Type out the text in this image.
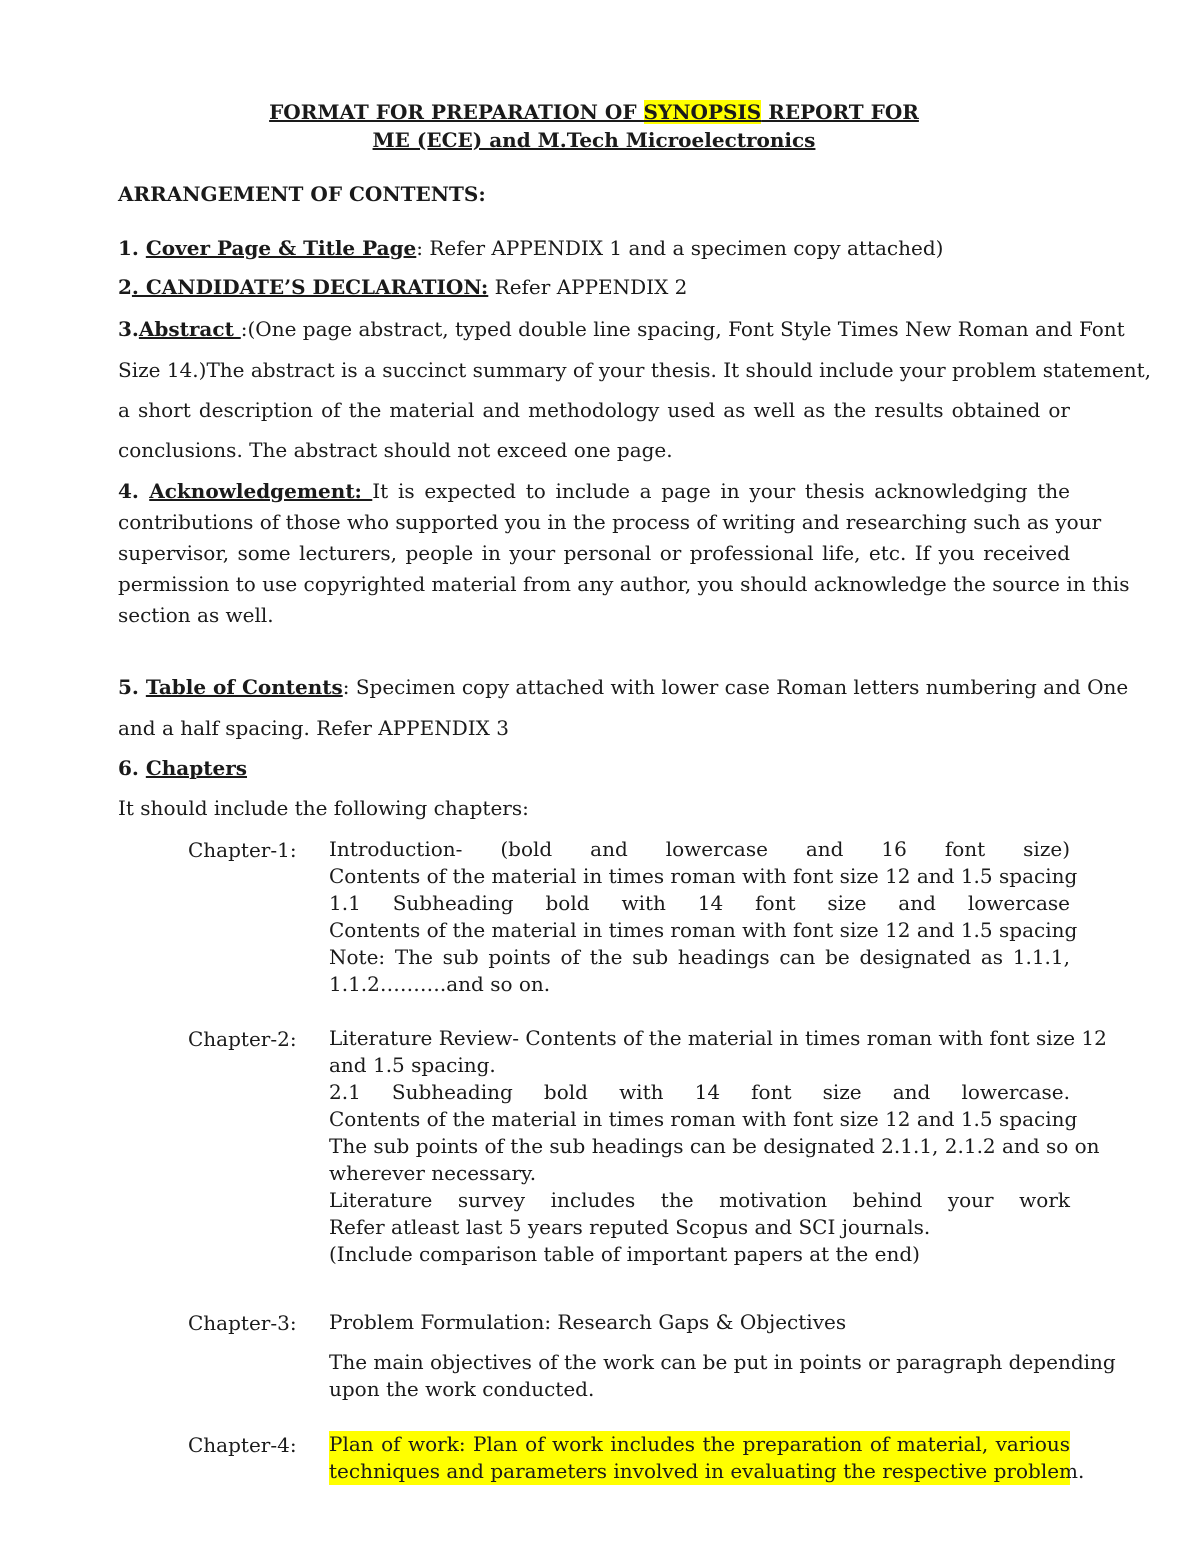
FORMAT FOR PREPARATION OF SYNOPSIS REPORT FOR
ME (ECE) and M.Tech Microelectronics
ARRANGEMENT OF CONTENTS:
1. Cover Page & Title Page: Refer APPENDIX 1 and a specimen copy attached)
2. CANDIDATE’S DECLARATION: Refer APPENDIX 2
3.Abstract :(One page abstract, typed double line spacing, Font Style Times New Roman and Font
Size 14.)The abstract is a succinct summary of your thesis. It should include your problem statement,
a short description of the material and methodology used as well as the results obtained or
conclusions. The abstract should not exceed one page.
4. Acknowledgement: It is expected to include a page in your thesis acknowledging the
contributions of those who supported you in the process of writing and researching such as your
supervisor, some lecturers, people in your personal or professional life, etc. If you received
permission to use copyrighted material from any author, you should acknowledge the source in this
section as well.
5. Table of Contents: Specimen copy attached with lower case Roman letters numbering and One
and a half spacing. Refer APPENDIX 3
6. Chapters
It should include the following chapters:
Chapter-1: Introduction- (bold and lowercase and 16 font size)
Contents of the material in times roman with font size 12 and 1.5 spacing
1.1 Subheading bold with 14 font size and lowercase
Contents of the material in times roman with font size 12 and 1.5 spacing
Note: The sub points of the sub headings can be designated as 1.1.1,
1.1.2……….and so on.
Chapter-2: Literature Review- Contents of the material in times roman with font size 12
and 1.5 spacing.
2.1 Subheading bold with 14 font size and lowercase.
Contents of the material in times roman with font size 12 and 1.5 spacing
The sub points of the sub headings can be designated 2.1.1, 2.1.2 and so on
wherever necessary.
Literature survey includes the motivation behind your work
Refer atleast last 5 years reputed Scopus and SCI journals.
(Include comparison table of important papers at the end)
Chapter-3: Problem Formulation: Research Gaps & Objectives
The main objectives of the work can be put in points or paragraph depending
upon the work conducted.
Chapter-4: Plan of work: Plan of work includes the preparation of material, various
techniques and parameters involved in evaluating the respective problem.
